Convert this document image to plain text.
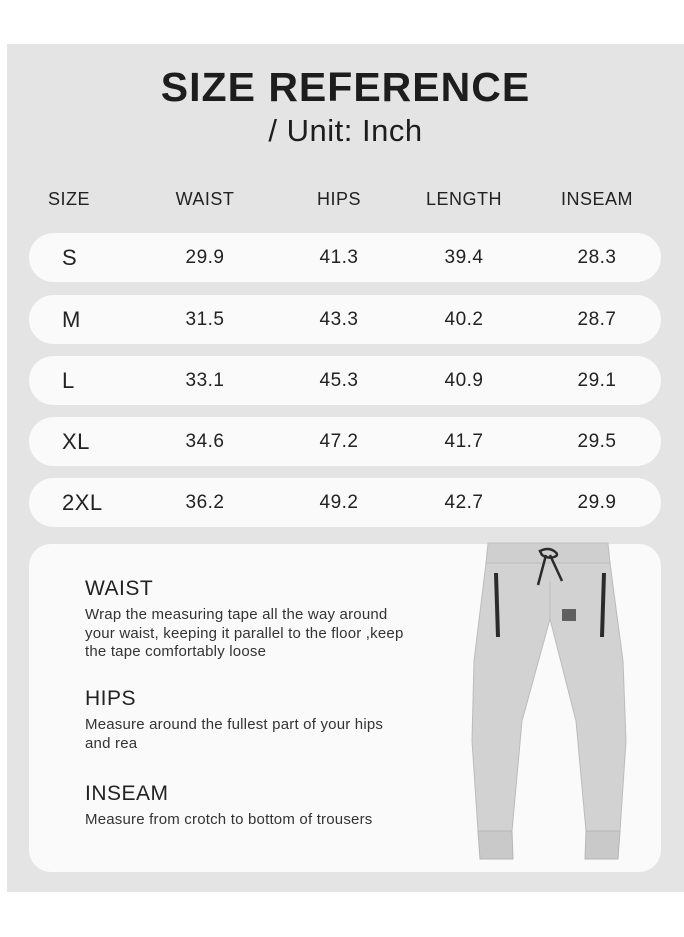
SIZE REFERENCE
/ Unit: Inch
SIZE	WAIST	HIPS	LENGTH	INSEAM
S	29.9	41.3	39.4	28.3
M	31.5	43.3	40.2	28.7
L	33.1	45.3	40.9	29.1
XL	34.6	47.2	41.7	29.5
2XL	36.2	49.2	42.7	29.9
WAIST
Wrap the measuring tape all the way around
your waist, keeping it parallel to the floor ,keep
the tape comfortably loose
HIPS
Measure around the fullest part of your hips
and rea
INSEAM
Measure from crotch to bottom of trousers
